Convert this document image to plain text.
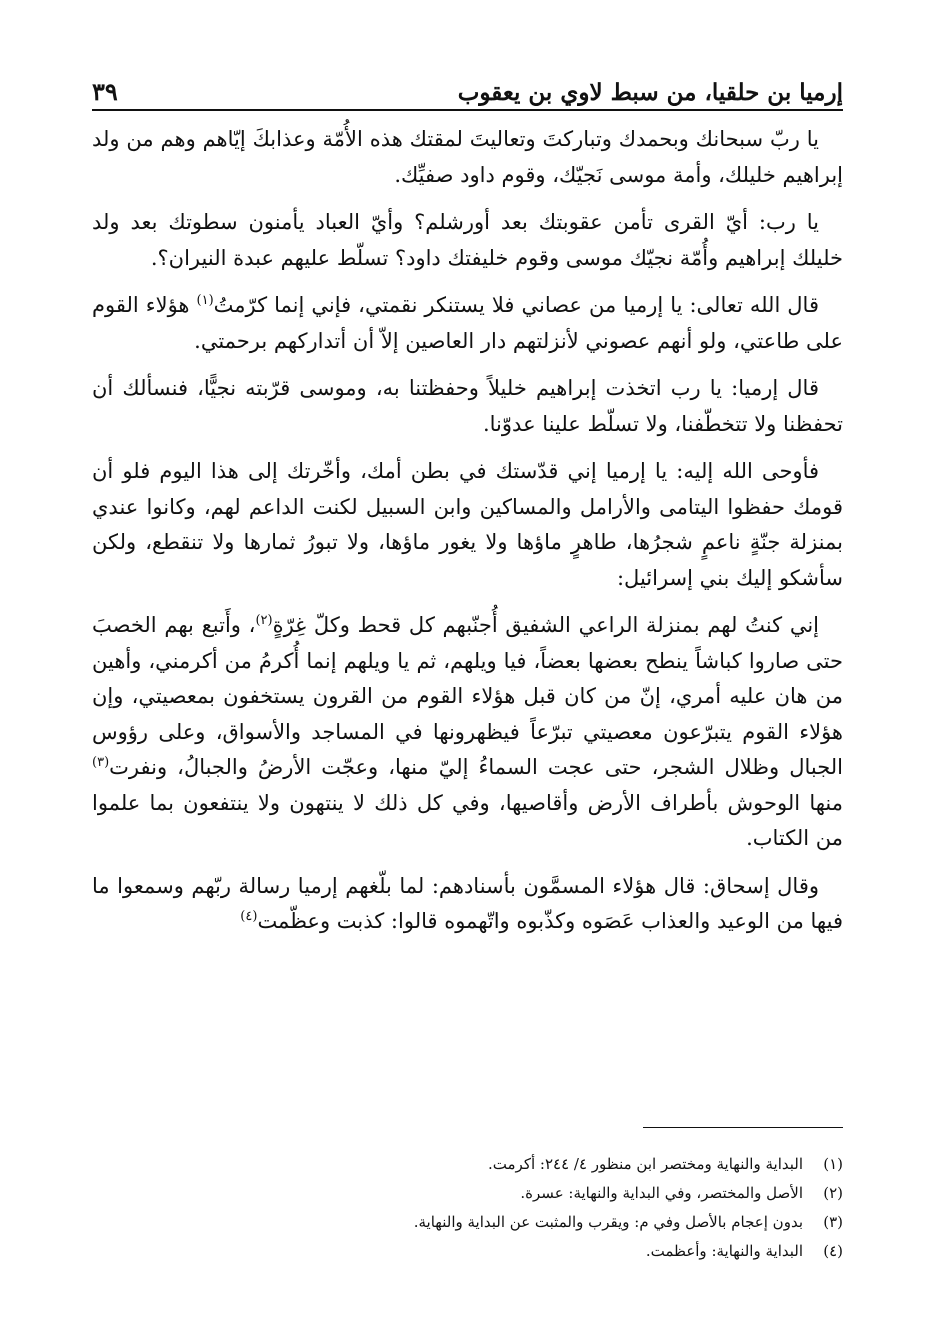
٣٩	إرميا بن حلقيا، من سبط لاوي بن يعقوب

يا ربّ سبحانك وبحمدك وتباركتَ وتعاليتَ لمقتك هذه الأُمّة وعذابكَ إيّاهم وهم من ولد إبراهيم خليلك، وأمة موسى نَجيّك، وقوم داود صفيِّك.

يا رب: أيّ القرى تأمن عقوبتك بعد أورشلم؟ وأيّ العباد يأمنون سطوتك بعد ولد خليلك إبراهيم وأُمّة نجيّك موسى وقوم خليفتك داود؟ تسلّط عليهم عبدة النيران؟.

قال الله تعالى: يا إرميا من عصاني فلا يستنكر نقمتي، فإني إنما كرّمتُ$^{(١)}$ هؤلاء القوم على طاعتي، ولو أنهم عصوني لأنزلتهم دار العاصين إلاّ أن أتداركهم برحمتي.

قال إرميا: يا رب اتخذت إبراهيم خليلاً وحفظتنا به، وموسى قرّبته نجيًّا، فنسألك أن تحفظنا ولا تتخطّفنا، ولا تسلّط علينا عدوّنا.

فأوحى الله إليه: يا إرميا إني قدّستك في بطن أمك، وأخّرتك إلى هذا اليوم فلو أن قومك حفظوا اليتامى والأرامل والمساكين وابن السبيل لكنت الداعم لهم، وكانوا عندي بمنزلة جنّةٍ ناعمٍ شجرُها، طاهرٍ ماؤها ولا يغور ماؤها، ولا تبورُ ثمارها ولا تنقطع، ولكن سأشكو إليك بني إسرائيل:

إني كنتُ لهم بمنزلة الراعي الشفيق أُجنّبهم كل قحط وكلّ غِرّةٍ$^{(٢)}$، وأَتبع بهم الخصبَ حتى صاروا كباشاً ينطح بعضها بعضاً، فيا ويلهم، ثم يا ويلهم إنما أُكرمُ من أكرمني، وأهين من هان عليه أمري، إنّ من كان قبل هؤلاء القوم من القرون يستخفون بمعصيتي، وإن هؤلاء القوم يتبرّعون معصيتي تبرّعاً فيظهرونها في المساجد والأسواق، وعلى رؤوس الجبال وظلال الشجر، حتى عجت السماءُ إليّ منها، وعجّت الأرضُ والجبالُ، ونفرت$^{(٣)}$ منها الوحوش بأطراف الأرض وأقاصيها، وفي كل ذلك لا ينتهون ولا ينتفعون بما علموا من الكتاب.

وقال إسحاق: قال هؤلاء المسمَّون بأسنادهم: لما بلّغهم إرميا رسالة ربّهم وسمعوا ما فيها من الوعيد والعذاب عَصَوه وكذّبوه واتّهموه قالوا: كذبت وعظّمت$^{(٤)}$

(١)
البداية والنهاية ومختصر ابن منظور ٤/ ٢٤٤: أكرمت.
(٢)
الأصل والمختصر، وفي البداية والنهاية: عسرة.
(٣)
بدون إعجام بالأصل وفي م: ويقرب والمثبت عن البداية والنهاية.
(٤)
البداية والنهاية: وأعظمت.
